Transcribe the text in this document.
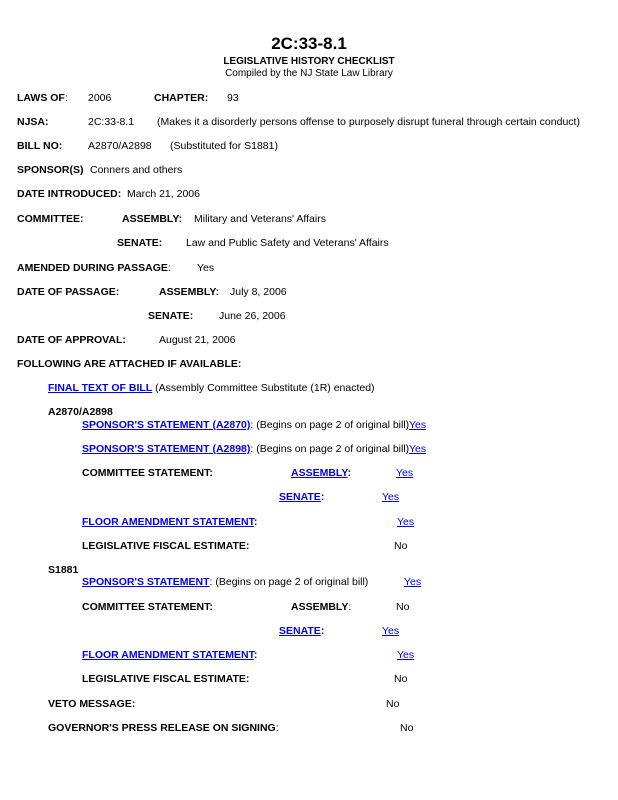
2C:33-8.1
LEGISLATIVE HISTORY CHECKLIST
Compiled by the NJ State Law Library
LAWS OF: 2006	CHAPTER: 93
NJSA:	2C:33-8.1 (Makes it a disorderly persons offense to purposely disrupt funeral through certain conduct)
BILL NO: A2870/A2898 (Substituted for S1881)
SPONSOR(S) Conners and others
DATE INTRODUCED: March 21, 2006
COMMITTEE:	ASSEMBLY: Military and Veterans' Affairs
SENATE: Law and Public Safety and Veterans' Affairs
AMENDED DURING PASSAGE: Yes
DATE OF PASSAGE:	ASSEMBLY: July 8, 2006
SENATE: June 26, 2006
DATE OF APPROVAL:	August 21, 2006
FOLLOWING ARE ATTACHED IF AVAILABLE:
FINAL TEXT OF BILL (Assembly Committee Substitute (1R) enacted)
A2870/A2898
SPONSOR'S STATEMENT (A2870): (Begins on page 2 of original bill) Yes
SPONSOR'S STATEMENT (A2898): (Begins on page 2 of original bill) Yes
COMMITTEE STATEMENT:	ASSEMBLY:	Yes
SENATE:	Yes
FLOOR AMENDMENT STATEMENT:	Yes
LEGISLATIVE FISCAL ESTIMATE:	No
S1881
SPONSOR'S STATEMENT: (Begins on page 2 of original bill)	Yes
COMMITTEE STATEMENT:	ASSEMBLY:	No
SENATE:	Yes
FLOOR AMENDMENT STATEMENT:	Yes
LEGISLATIVE FISCAL ESTIMATE:	No
VETO MESSAGE:	No
GOVERNOR'S PRESS RELEASE ON SIGNING:	No
